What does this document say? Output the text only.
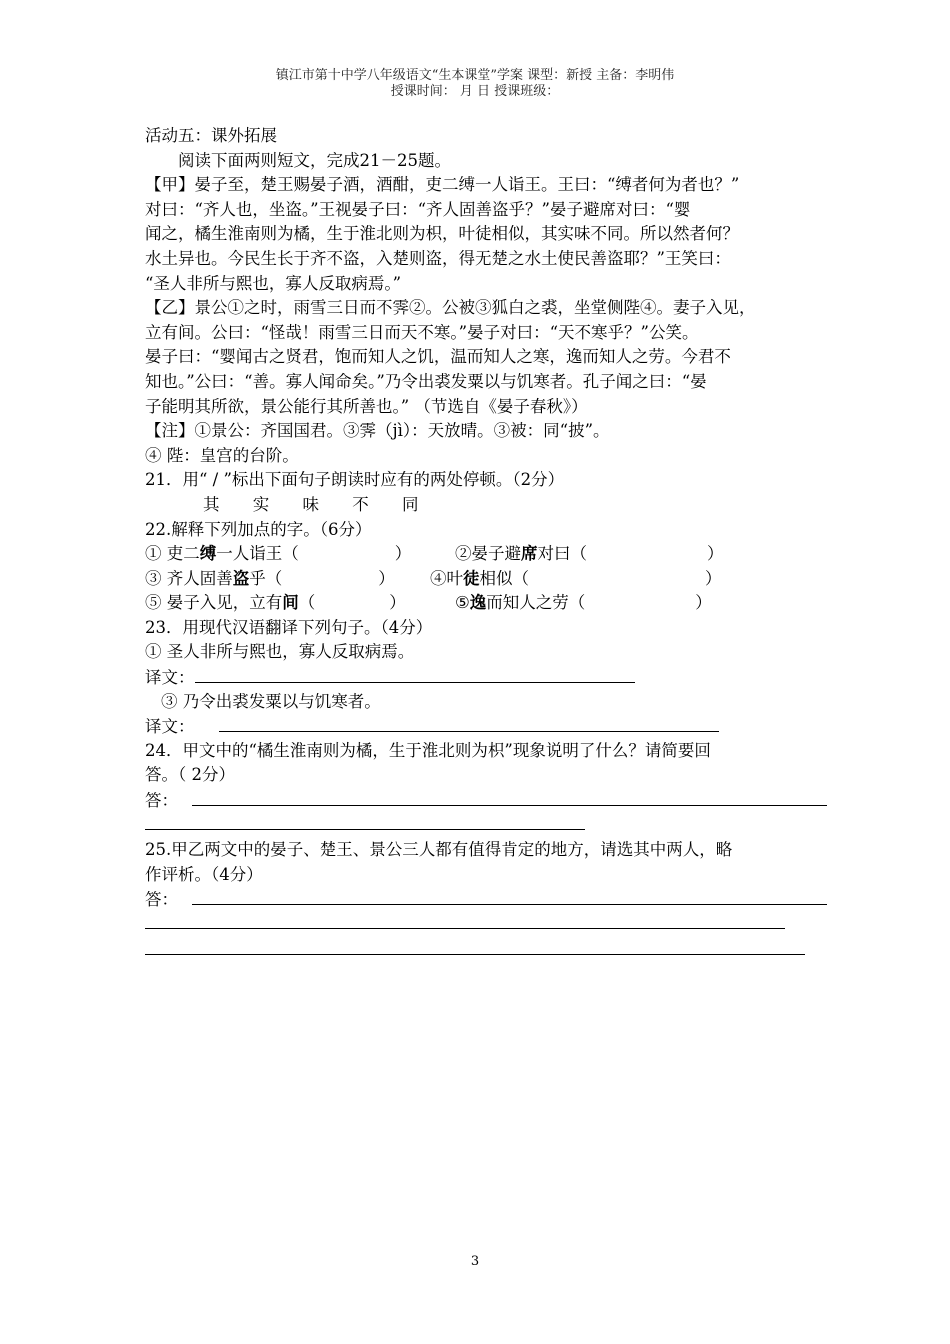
镇江市第十中学八年级语文“生本课堂”学案 课型：新授 主备：李明伟
授课时间： 月 日 授课班级：
活动五：课外拓展
阅读下面两则短文，完成21－25题。
【甲】晏子至，楚王赐晏子酒，酒酣，吏二缚一人诣王。王曰：“缚者何为者也？”
对曰：“齐人也，坐盗。”王视晏子曰：“齐人固善盗乎？”晏子避席对曰：“婴
闻之，橘生淮南则为橘，生于淮北则为枳，叶徒相似，其实味不同。所以然者何？
水土异也。今民生长于齐不盗，入楚则盗，得无楚之水土使民善盗耶？”王笑曰：
“圣人非所与熙也，寡人反取病焉。”
【乙】景公①之时，雨雪三日而不霁②。公被③狐白之裘，坐堂侧陛④。妻子入见，
立有间。公曰：“怪哉！雨雪三日而天不寒。”晏子对曰：“天不寒乎？”公笑。
晏子曰：“婴闻古之贤君，饱而知人之饥，温而知人之寒，逸而知人之劳。今君不
知也。”公曰：“善。寡人闻命矣。”乃令出裘发粟以与饥寒者。孔子闻之曰：“晏
子能明其所欲，景公能行其所善也。” （节选自《晏子春秋》）
【注】①景公：齐国国君。③霁（jì）：天放晴。③被：同“披”。
④ 陛：皇宫的台阶。
21．用“ / ”标出下面句子朗读时应有的两处停顿。（2分）
其 实 味 不 同
22.解释下列加点的字。（6分）
① 吏二缚一人诣王（	）	②晏子避席对曰（	）
③ 齐人固善盗乎（	）	④叶徒相似（	）
⑤ 晏子入见，立有间（	）	⑤逸而知人之劳（	）
23．用现代汉语翻译下列句子。（4分）
① 圣人非所与熙也，寡人反取病焉。
译文：
③ 乃令出裘发粟以与饥寒者。
译文：
24．甲文中的“橘生淮南则为橘，生于淮北则为枳”现象说明了什么？请简要回
答。（ 2分）
答：
25.甲乙两文中的晏子、楚王、景公三人都有值得肯定的地方，请选其中两人，略
作评析。（4分）
答：
3
